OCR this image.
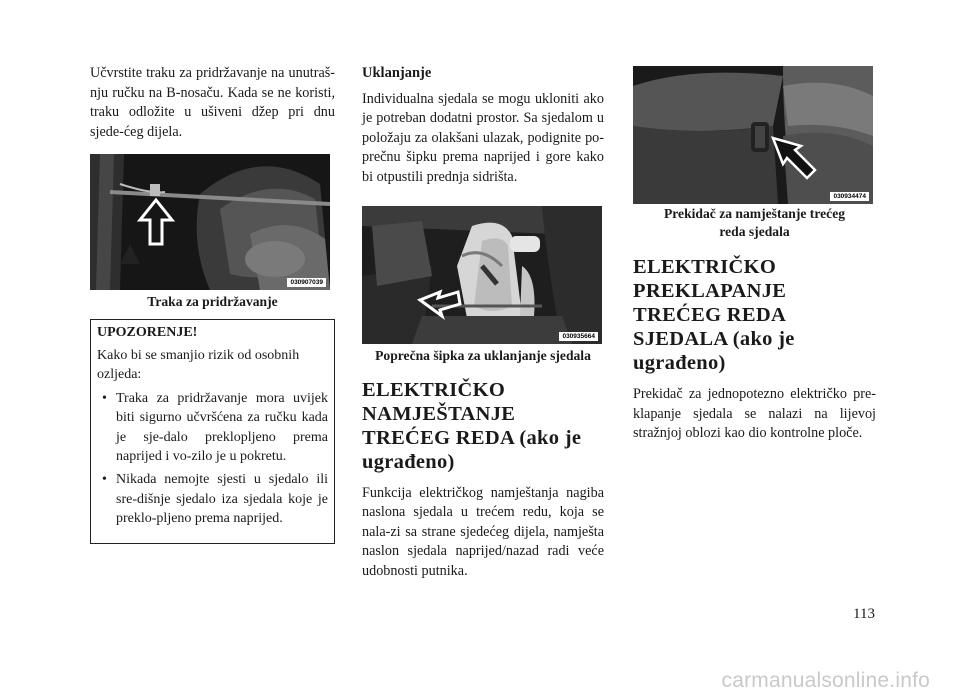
Učvrstite traku za pridržavanje na unutraš-nju ručku na B-nosaču. Kada se ne koristi, traku odložite u ušiveni džep pri dnu sjede-ćeg dijela.

030907039

Traka za pridržavanje

UPOZORENJE!

Kako bi se smanjio rizik od osobnih ozljeda:

• Traka za pridržavanje mora uvijek biti sigurno učvršćena za ručku kada je sje-dalo preklopljeno prema naprijed i vo-zilo je u pokretu.
• Nikada nemojte sjesti u sjedalo ili sre-dišnje sjedalo iza sjedala koje je preklo-pljeno prema naprijed.

Uklanjanje

Individualna sjedala se mogu ukloniti ako je potreban dodatni prostor. Sa sjedalom u položaju za olakšani ulazak, podignite po-prečnu šipku prema naprijed i gore kako bi otpustili prednja sidrišta.

030935664

Poprečna šipka za uklanjanje sjedala

ELEKTRIČKO NAMJEŠTANJE TREĆEG REDA (ako je ugrađeno)

Funkcija električkog namještanja nagiba naslona sjedala u trećem redu, koja se nala-zi sa strane sjedećeg dijela, namješta naslon sjedala naprijed/nazad radi veće udobnosti putnika.

030934474

Prekidač za namještanje trećeg reda sjedala

ELEKTRIČKO PREKLAPANJE TREĆEG REDA SJEDALA (ako je ugrađeno)

Prekidač za jednopotezno električko pre-klapanje sjedala se nalazi na lijevoj stražnjoj oblozi kao dio kontrolne ploče.

113
carmanualsonline.info
